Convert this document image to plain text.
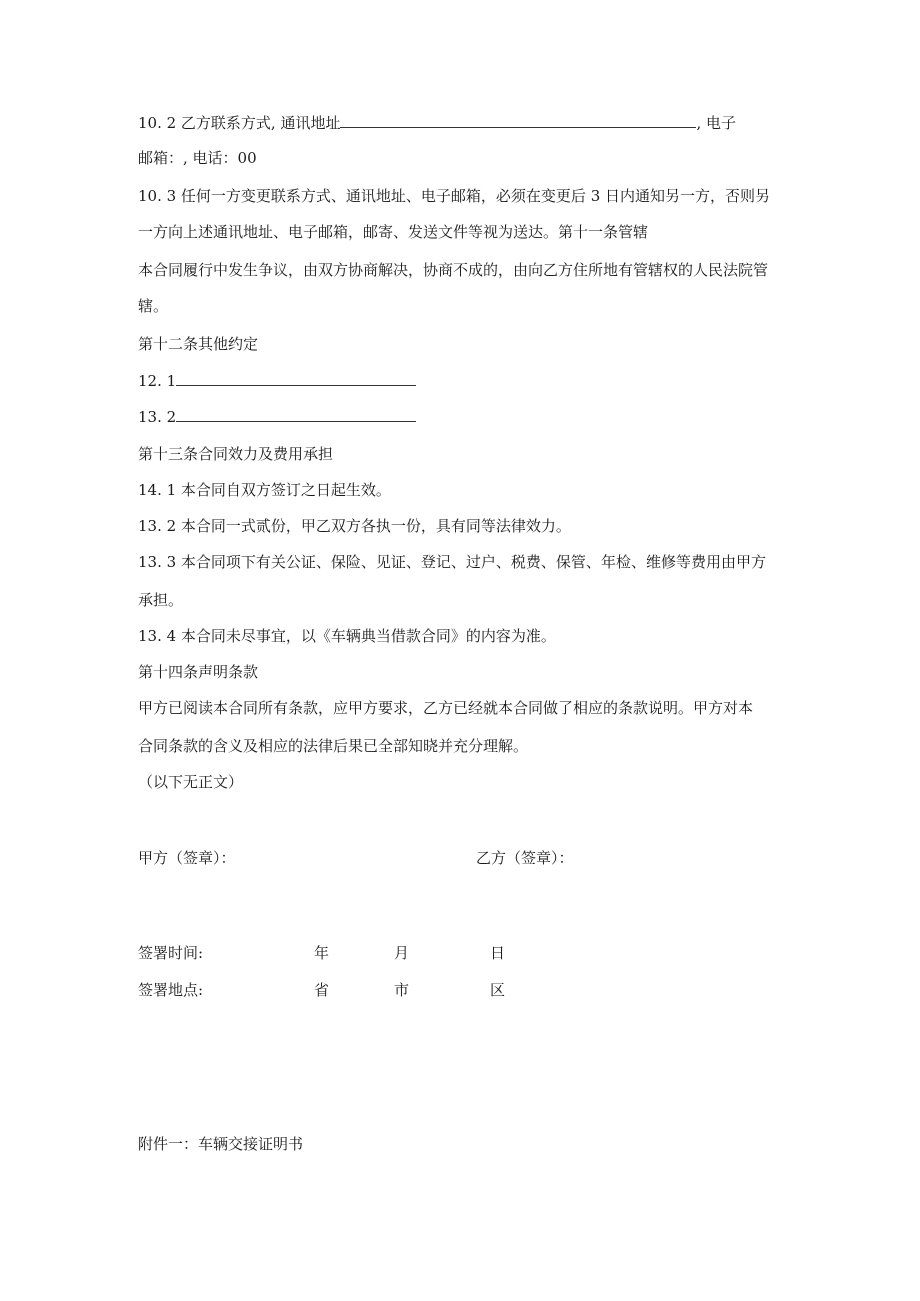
10. 2 乙方联系方式, 通讯地址	, 电子
邮箱：, 电话：00
10. 3 任何一方变更联系方式、通讯地址、电子邮箱，必须在变更后 3 日内通知另一方，否则另
一方向上述通讯地址、电子邮箱，邮寄、发送文件等视为送达。第十一条管辖
本合同履行中发生争议，由双方协商解决，协商不成的，由向乙方住所地有管辖权的人民法院管
辖。
第十二条其他约定
12. 1
13. 2
第十三条合同效力及费用承担
14. 1 本合同自双方签订之日起生效。
13. 2 本合同一式贰份，甲乙双方各执一份，具有同等法律效力。
13. 3 本合同项下有关公证、保险、见证、登记、过户、税费、保管、年检、维修等费用由甲方
承担。
13. 4 本合同未尽事宜，以《车辆典当借款合同》的内容为准。
第十四条声明条款
甲方已阅读本合同所有条款，应甲方要求，乙方已经就本合同做了相应的条款说明。甲方对本
合同条款的含义及相应的法律后果已全部知晓并充分理解。
（以下无正文）
甲方（签章）：	乙方（签章）：
签署时间:	年	月	日
签署地点:	省	市	区
附件一：车辆交接证明书
